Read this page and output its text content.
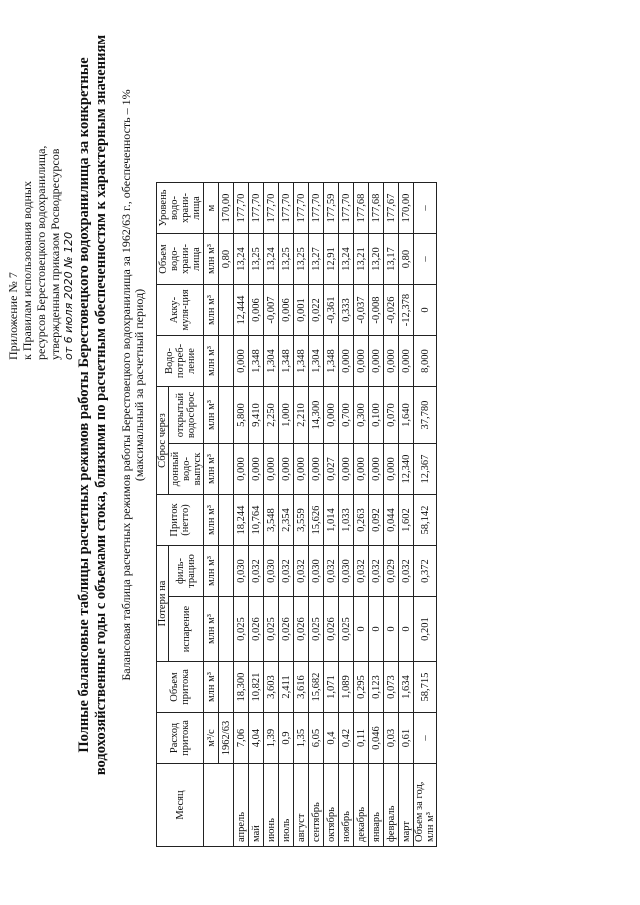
Приложение № 7 к Правилам использования водных ресурсов Берестовецкого водохранилища, утвержденным приказом Росводресурсов от 6 июля 2020 № 120 Полные балансовые таблицы расчетных режимов работы Берестовецкого водохранилища за конкретные водохозяйственные годы с объемами стока, близкими по расчетным обеспеченностям к характерным значениям Балансовая таблица расчетных режимов работы Берестовецкого водохранилища за 1962/63 г., обеспеченность – 1% (максимальный за расчетный период)
Месяц	Расход притока	Объем притока	Потери на		Приток (нетто)	Сброс через		Водо-потреб-ление	Акку-муля-ция	Объем водо-храни-лища	Уровень водо-храни-лища
			испарение	филь-трацию		донный водо-выпуск	открытый водосброс				
	м³/с	млн м³	млн м³	млн м³	млн м³	млн м³	млн м³	млн м³	млн м³	млн м³	м
	1962/63									0,80	170,00
апрель	7,06	18,300	0,025	0,030	18,244	0,000	5,800	0,000	12,444	13,24	177,70
май	4,04	10,821	0,026	0,032	10,764	0,000	9,410	1,348	0,006	13,25	177,70
июнь	1,39	3,603	0,025	0,030	3,548	0,000	2,250	1,304	-0,007	13,24	177,70
июль	0,9	2,411	0,026	0,032	2,354	0,000	1,000	1,348	0,006	13,25	177,70
август	1,35	3,616	0,026	0,032	3,559	0,000	2,210	1,348	0,001	13,25	177,70
сентябрь	6,05	15,682	0,025	0,030	15,626	0,000	14,300	1,304	0,022	13,27	177,70
октябрь	0,4	1,071	0,026	0,032	1,014	0,027	0,000	1,348	-0,361	12,91	177,59
ноябрь	0,42	1,089	0,025	0,030	1,033	0,000	0,700	0,000	0,333	13,24	177,70
декабрь	0,11	0,295	0	0,032	0,263	0,000	0,300	0,000	-0,037	13,21	177,68
январь	0,046	0,123	0	0,032	0,092	0,000	0,100	0,000	-0,008	13,20	177,68
февраль	0,03	0,073	0	0,029	0,044	0,000	0,070	0,000	-0,026	13,17	177,67
март	0,61	1,634	0	0,032	1,602	12,340	1,640	0,000	-12,378	0,80	170,00
Объем за год, млн м³	–	58,715	0,201	0,372	58,142	12,367	37,780	8,000	0	–	–
